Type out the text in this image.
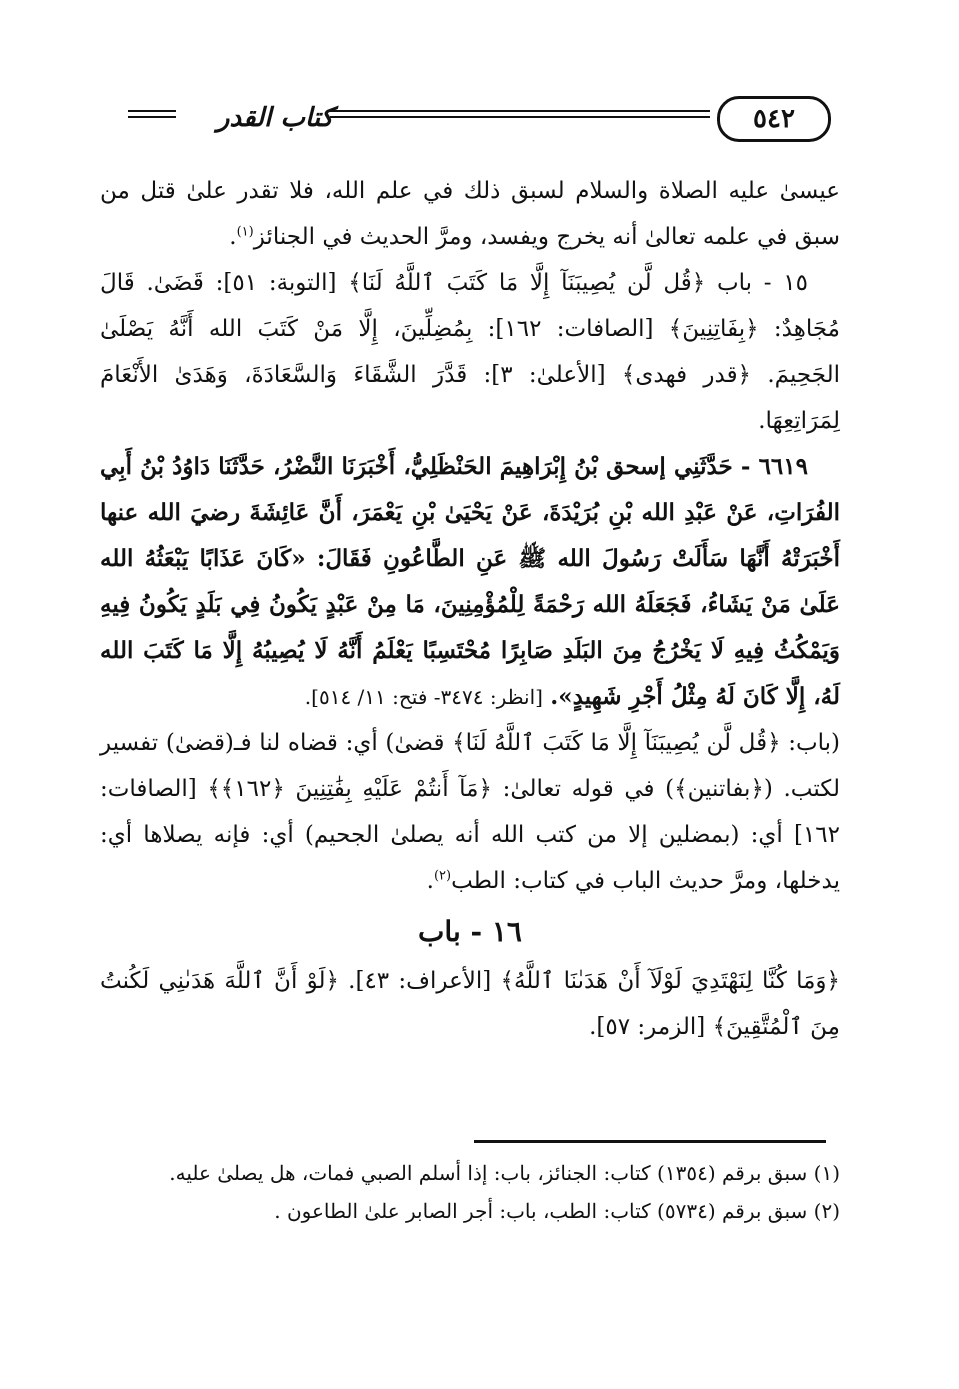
كتاب القدر	٥٤٢

عيسىٰ عليه الصلاة والسلام لسبق ذلك في علم الله، فلا تقدر علىٰ قتل من سبق في علمه تعالىٰ أنه يخرج ويفسد، ومرَّ الحديث في الجنائز$^{(١)}$.

١٥ - باب ﴿قُل لَّن يُصِيبَنَآ إِلَّا مَا كَتَبَ ٱللَّهُ لَنَا﴾ [التوبة: ٥١]: قَضَىٰ. قَالَ مُجَاهِدٌ: ﴿بِفَاتِنِينَ﴾ [الصافات: ١٦٢]: بِمُضِلِّينَ، إِلَّا مَنْ كَتَبَ الله أَنَّهُ يَصْلَىٰ الجَحِيمَ. ﴿قدر فهدى﴾ [الأعلىٰ: ٣]: قَدَّرَ الشَّقَاءَ وَالسَّعَادَةَ، وَهَدَىٰ الأَنْعَامَ لِمَرَاتِعِهَا.

٦٦١٩ - حَدَّثَنِي إسحق بْنُ إِبْرَاهِيمَ الحَنْظَلِيُّ، أَخْبَرَنَا النَّضْرُ، حَدَّثَنَا دَاوُدُ بْنُ أَبِي الفُرَاتِ، عَنْ عَبْدِ الله بْنِ بُرَيْدَةَ، عَنْ يَحْيَىٰ بْنِ يَعْمَرَ، أَنَّ عَائِشَةَ رضيَ الله عنها أَخْبَرَتْهُ أَنَّهَا سَأَلَتْ رَسُولَ الله ﷺ عَنِ الطَّاعُونِ فَقَالَ: «كَانَ عَذَابًا يَبْعَثُهُ الله عَلَىٰ مَنْ يَشَاءُ، فَجَعَلَهُ الله رَحْمَةً لِلْمُؤْمِنِينَ، مَا مِنْ عَبْدٍ يَكُونُ فِي بَلَدٍ يَكُونُ فِيهِ وَيَمْكُثُ فِيهِ لَا يَخْرُجُ مِنَ البَلَدِ صَابِرًا مُحْتَسِبًا يَعْلَمُ أَنَّهُ لَا يُصِيبُهُ إِلَّا مَا كَتَبَ الله لَهُ، إِلَّا كَانَ لَهُ مِثْلُ أَجْرِ شَهِيدٍ». [انظر: ٣٤٧٤- فتح: ١١/ ٥١٤].

(باب: ﴿قُل لَّن يُصِيبَنَآ إِلَّا مَا كَتَبَ ٱللَّهُ لَنَا﴾ قضىٰ) أي: قضاه لنا فـ(قضىٰ) تفسير لكتب. (﴿بفاتنين﴾) في قوله تعالىٰ: ﴿مَآ أَنتُمْ عَلَيْهِ بِفَٰتِنِينَ ﴿١٦٢﴾﴾ [الصافات: ١٦٢] أي: (بمضلين إلا من كتب الله أنه يصلىٰ الجحيم) أي: فإنه يصلاها أي: يدخلها، ومرَّ حديث الباب في كتاب: الطب$^{(٢)}$.

١٦ - باب

﴿وَمَا كُنَّا لِنَهْتَدِيَ لَوْلَآ أَنْ هَدَىٰنَا ٱللَّهُ﴾ [الأعراف: ٤٣]. ﴿لَوْ أَنَّ ٱللَّهَ هَدَىٰنِي لَكُنتُ مِنَ ٱلْمُتَّقِينَ﴾ [الزمر: ٥٧].

(١) سبق برقم (١٣٥٤) كتاب: الجنائز، باب: إذا أسلم الصبي فمات، هل يصلىٰ عليه.

(٢) سبق برقم (٥٧٣٤) كتاب: الطب، باب: أجر الصابر علىٰ الطاعون .
